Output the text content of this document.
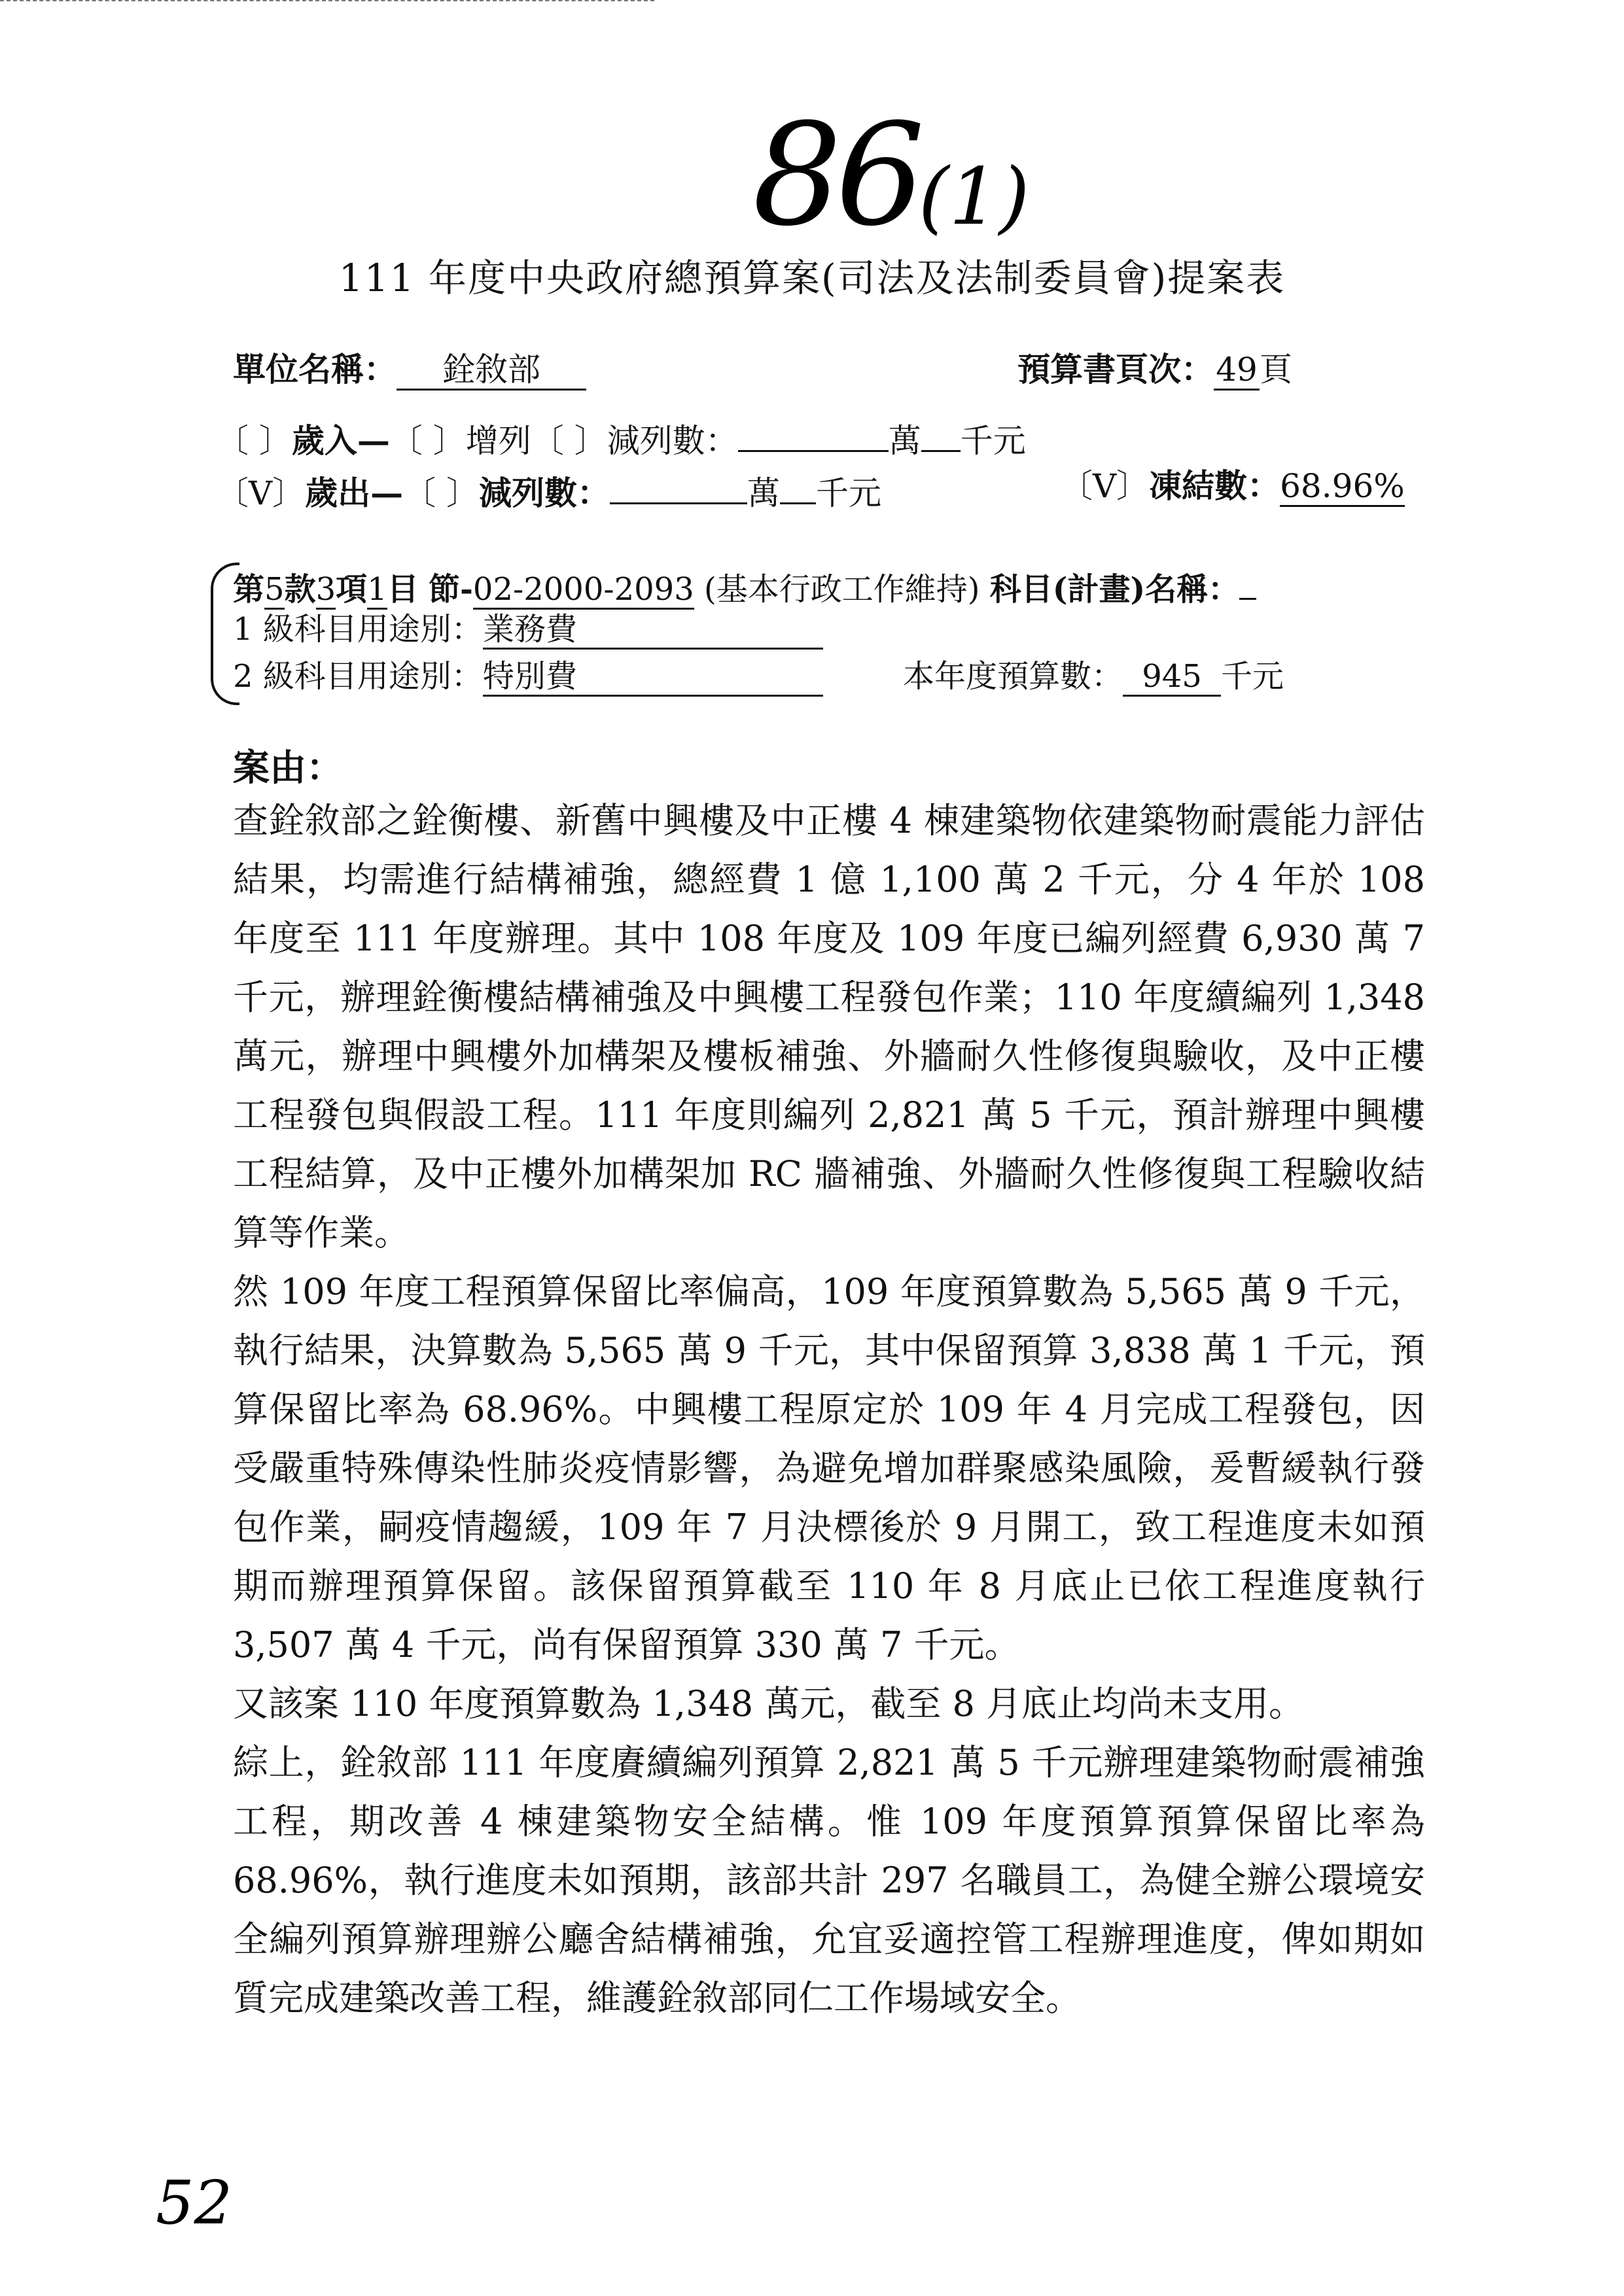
86(1)
111 年度中央政府總預算案(司法及法制委員會)提案表
單位名稱： 銓敘部	預算書頁次：49頁
〔 〕歲入—〔 〕增列〔 〕減列數：	萬 千元
〔V〕歲出—〔 〕減列數：	萬 千元	〔V〕凍結數：68.96%
第5款3項1目 節-02-2000-2093 (基本行政工作維持) 科目(計畫)名稱：
1 級科目用途別：業務費
2 級科目用途別：特別費	本年度預算數： 945 千元
案由：

查銓敘部之銓衡樓、新舊中興樓及中正樓 4 棟建築物依建築物耐震能力評估結果，均需進行結構補強，總經費 1 億 1,100 萬 2 千元，分 4 年於 108 年度至 111 年度辦理。其中 108 年度及 109 年度已編列經費 6,930 萬 7 千元，辦理銓衡樓結構補強及中興樓工程發包作業；110 年度續編列 1,348 萬元，辦理中興樓外加構架及樓板補強、外牆耐久性修復與驗收，及中正樓工程發包與假設工程。111 年度則編列 2,821 萬 5 千元，預計辦理中興樓工程結算，及中正樓外加構架加 RC 牆補強、外牆耐久性修復與工程驗收結算等作業。

然 109 年度工程預算保留比率偏高，109 年度預算數為 5,565 萬 9 千元，執行結果，決算數為 5,565 萬 9 千元，其中保留預算 3,838 萬 1 千元，預算保留比率為 68.96%。中興樓工程原定於 109 年 4 月完成工程發包，因受嚴重特殊傳染性肺炎疫情影響，為避免增加群聚感染風險，爰暫緩執行發包作業，嗣疫情趨緩，109 年 7 月決標後於 9 月開工，致工程進度未如預期而辦理預算保留。該保留預算截至 110 年 8 月底止已依工程進度執行 3,507 萬 4 千元，尚有保留預算 330 萬 7 千元。

又該案 110 年度預算數為 1,348 萬元，截至 8 月底止均尚未支用。

綜上，銓敘部 111 年度賡續編列預算 2,821 萬 5 千元辦理建築物耐震補強工程，期改善 4 棟建築物安全結構。惟 109 年度預算預算保留比率為 68.96%，執行進度未如預期，該部共計 297 名職員工，為健全辦公環境安全編列預算辦理辦公廳舍結構補強，允宜妥適控管工程辦理進度，俾如期如質完成建築改善工程，維護銓敘部同仁工作場域安全。

52
